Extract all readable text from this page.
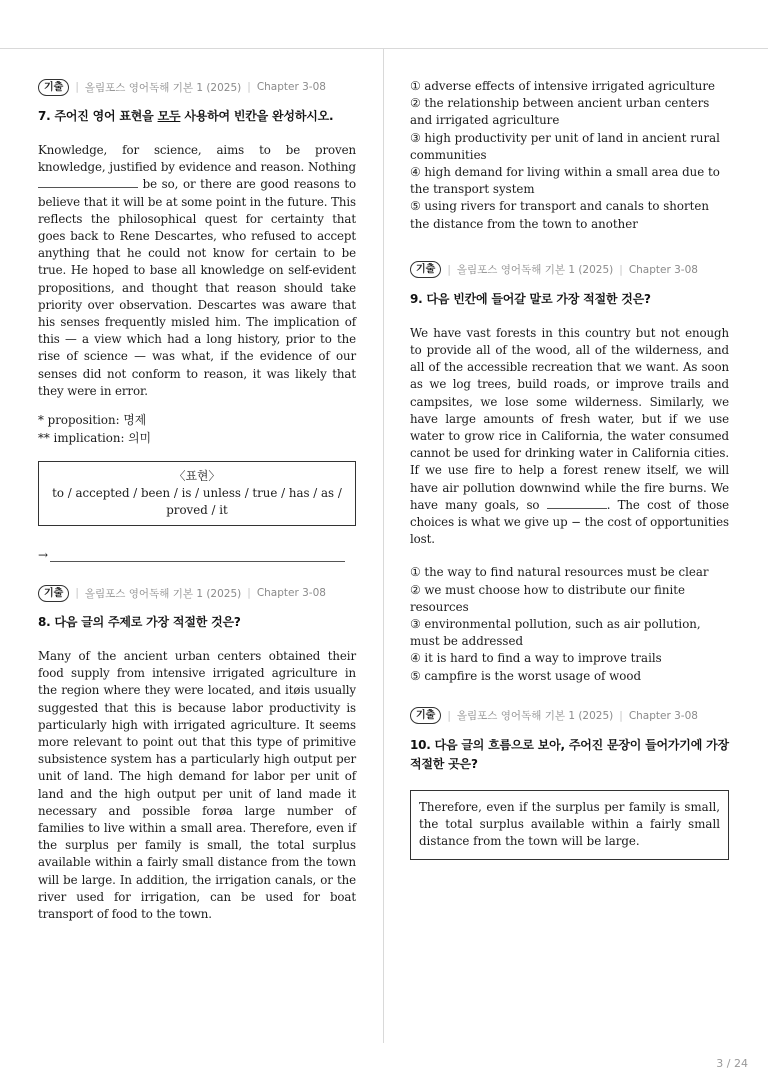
기출	| 올림포스 영어독해 기본 1 (2025) | Chapter 3-08
7. 주어진 영어 표현을 모두 사용하여 빈칸을 완성하시오.

Knowledge, for science, aims to be proven knowledge, justified by evidence and reason. Nothing  be so, or there are good reasons to believe that it will be at some point in the future. This reflects the philosophical quest for certainty that goes back to Rene Descartes, who refused to accept anything that he could not know for certain to be true. He hoped to base all knowledge on self-evident propositions, and thought that reason should take priority over observation. Descartes was aware that his senses frequently misled him. The implication of this — a view which had a long history, prior to the rise of science — was what, if the evidence of our senses did not conform to reason, it was likely that they were in error.

* proposition: 명제
** implication: 의미
〈표현〉
to / accepted / been / is / unless / true / has / as / proved / it
→
기출	| 올림포스 영어독해 기본 1 (2025) | Chapter 3-08
8. 다음 글의 주제로 가장 적절한 것은?

Many of the ancient urban centers obtained their food supply from intensive irrigated agriculture in the region where they were located, and itøis usually suggested that this is because labor productivity is particularly high with irrigated agriculture. It seems more relevant to point out that this type of primitive subsistence system has a particularly high output per unit of land. The high demand for labor per unit of land and the high output per unit of land made it necessary and possible forøa large number of families to live within a small area. Therefore, even if the surplus per family is small, the total surplus available within a fairly small distance from the town will be large. In addition, the irrigation canals, or the river used for irrigation, can be used for boat transport of food to the town.

① adverse effects of intensive irrigated agriculture
② the relationship between ancient urban centers and irrigated agriculture
③ high productivity per unit of land in ancient rural communities
④ high demand for living within a small area due to the transport system
⑤ using rivers for transport and canals to shorten the distance from the town to another
기출	| 올림포스 영어독해 기본 1 (2025) | Chapter 3-08
9. 다음 빈칸에 들어갈 말로 가장 적절한 것은?

We have vast forests in this country but not enough to provide all of the wood, all of the wilderness, and all of the accessible recreation that we want. As soon as we log trees, build roads, or improve trails and campsites, we lose some wilderness. Similarly, we have large amounts of fresh water, but if we use water to grow rice in California, the water consumed cannot be used for drinking water in California cities. If we use fire to help a forest renew itself, we will have air pollution downwind while the fire burns. We have many goals, so	. The cost of those choices is what we give up − the cost of opportunities lost.

① the way to find natural resources must be clear
② we must choose how to distribute our finite resources
③ environmental pollution, such as air pollution, must be addressed
④ it is hard to find a way to improve trails
⑤ campfire is the worst usage of wood
기출	| 올림포스 영어독해 기본 1 (2025) | Chapter 3-08
10. 다음 글의 흐름으로 보아, 주어진 문장이 들어가기에 가장 적절한 곳은?
Therefore, even if the surplus per family is small, the total surplus available within a fairly small distance from the town will be large.
3 / 24
